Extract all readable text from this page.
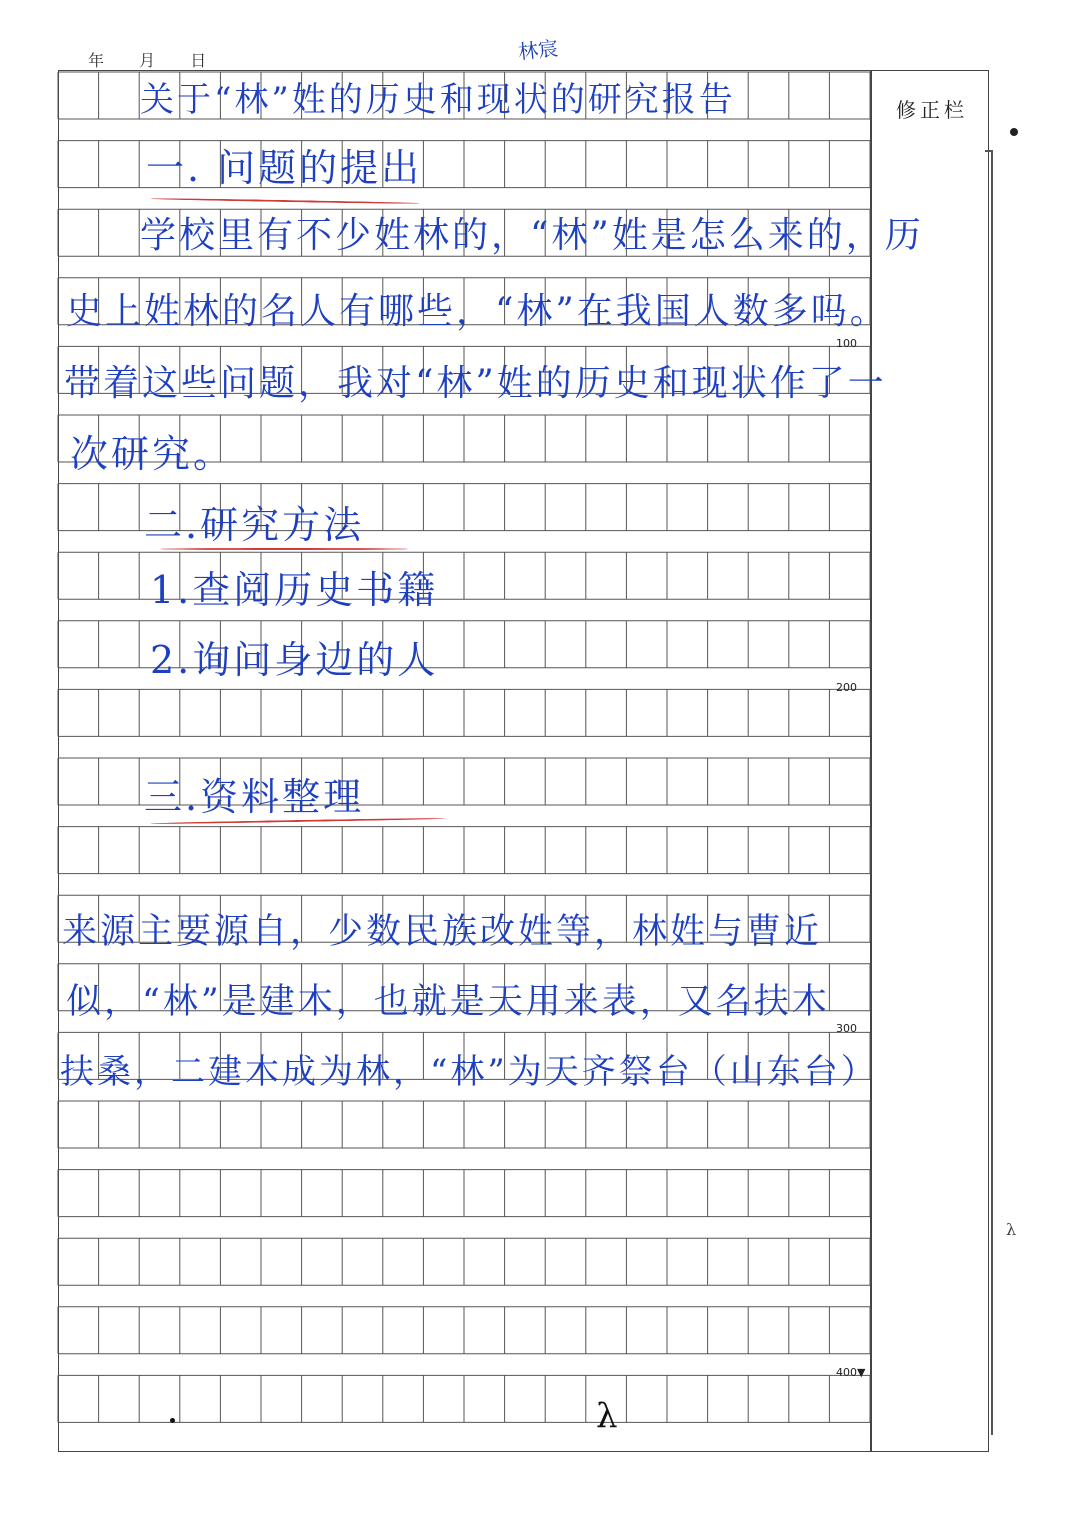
年 月 日	林宸
修正栏
λ
100
200
300
400▼
关于“林”姓的历史和现状的研究报告
一. 问题的提出
学校里有不少姓林的，“林”姓是怎么来的，历
史上姓林的名人有哪些，“林”在我国人数多吗。
带着这些问题，我对“林”姓的历史和现状作了一
次研究。
二.研究方法
1.查阅历史书籍
2.询问身边的人
三.资料整理
来源主要源自，少数民族改姓等，林姓与曹近
似，“林”是建木，也就是天用来表，又名扶木
扶桑，二建木成为林，“林”为天齐祭台（山东台）
λ
